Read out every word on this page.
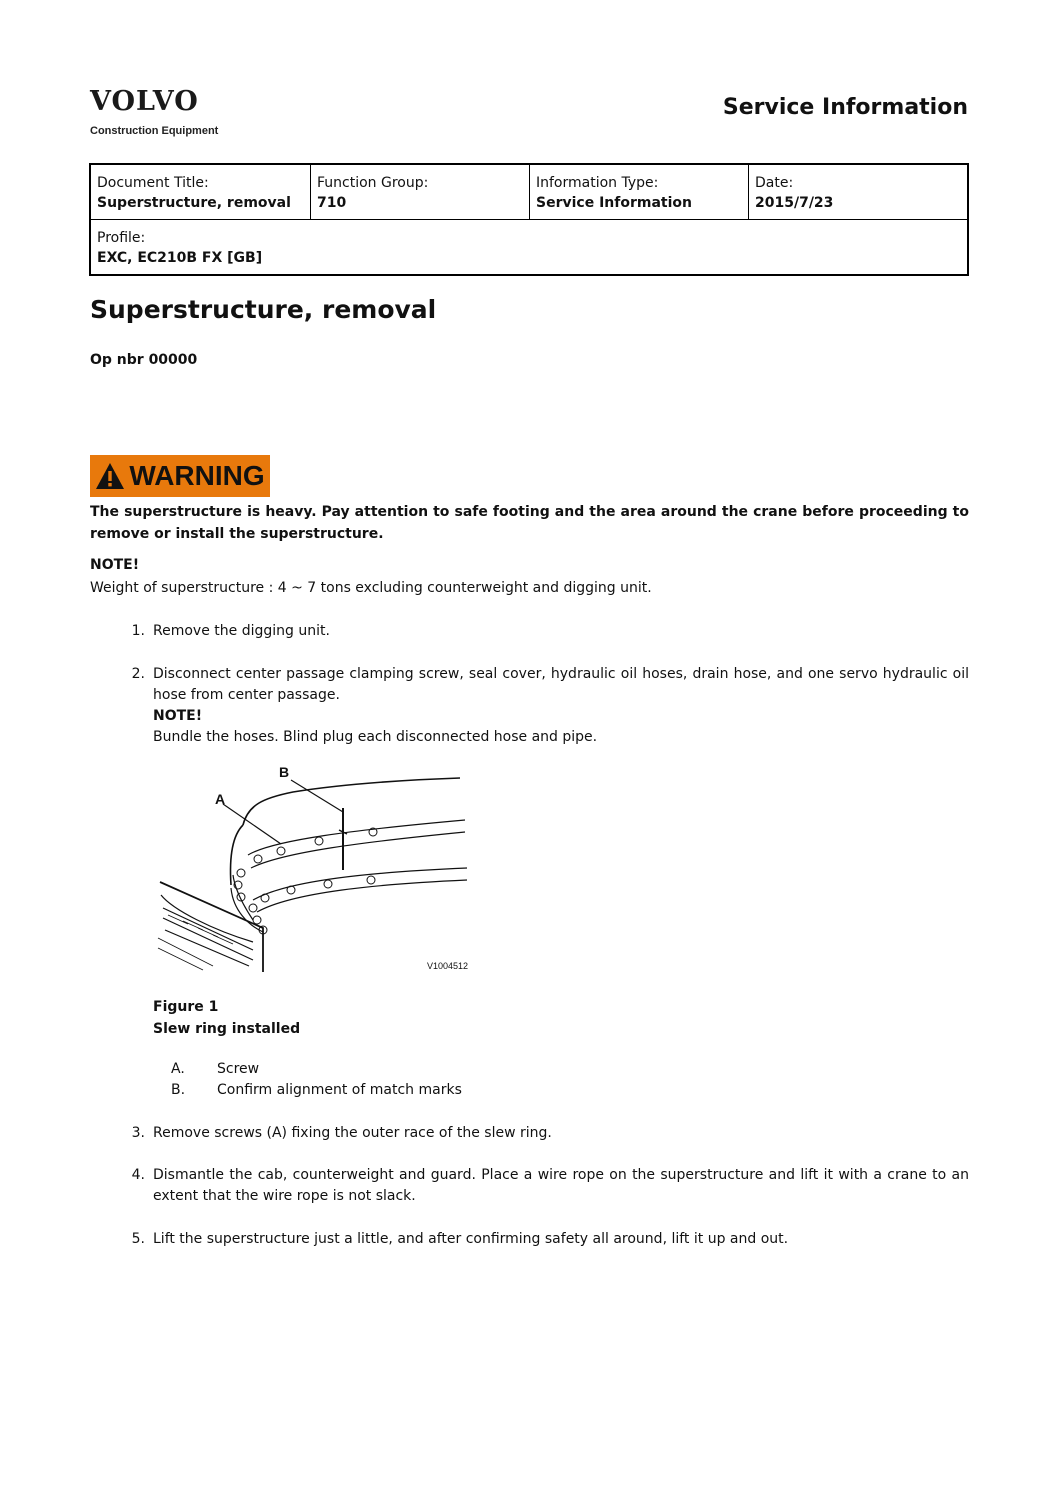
VOLVO
Construction Equipment
Service Information
Document Title:
Superstructure, removal

Function Group:
710

Information Type:
Service Information

Date:
2015/7/23

Profile:
EXC, EC210B FX [GB]
Superstructure, removal
Op nbr 00000
WARNING
The superstructure is heavy. Pay attention to safe footing and the area around the crane before proceeding to remove or install the superstructure.
NOTE!
Weight of superstructure : 4 ~ 7 tons excluding counterweight and digging unit.
1. Remove the digging unit.
2. Disconnect center passage clamping screw, seal cover, hydraulic oil hoses, drain hose, and one servo hydraulic oil hose from center passage.
NOTE!
Bundle the hoses. Blind plug each disconnected hose and pipe.
A
B
V1004512
Figure 1
Slew ring installed
A.	Screw
B.	Confirm alignment of match marks
3. Remove screws (A) fixing the outer race of the slew ring.
4. Dismantle the cab, counterweight and guard. Place a wire rope on the superstructure and lift it with a crane to an extent that the wire rope is not slack.
5. Lift the superstructure just a little, and after confirming safety all around, lift it up and out.
